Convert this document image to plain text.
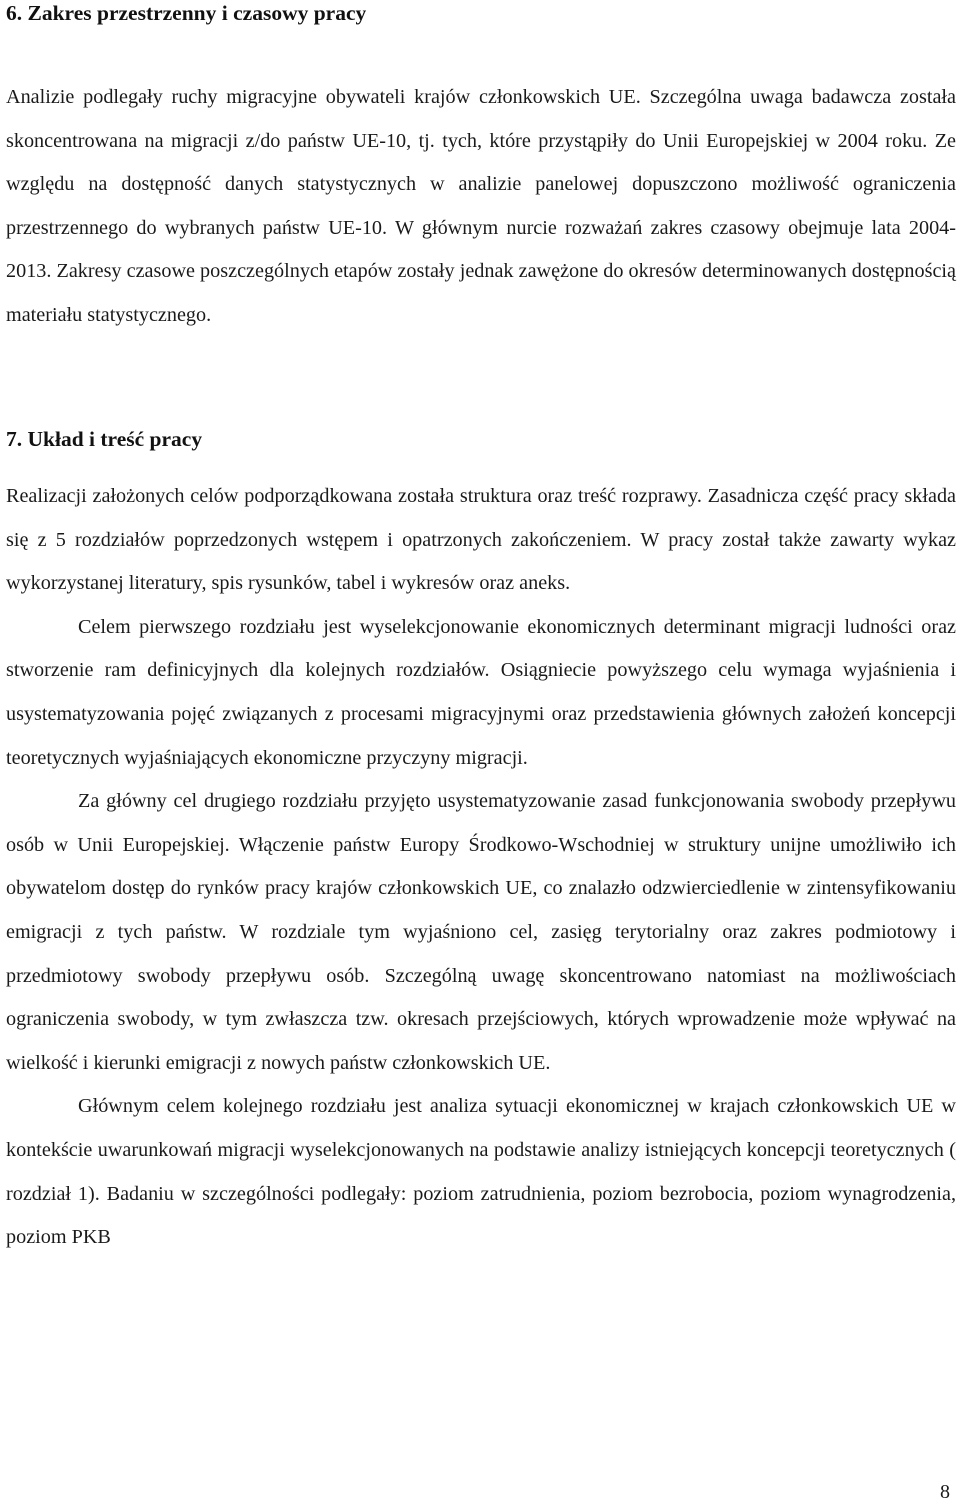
6. Zakres przestrzenny i czasowy pracy

Analizie podlegały ruchy migracyjne obywateli krajów członkowskich UE. Szczególna uwaga badawcza została skoncentrowana na migracji z/do państw UE-10, tj. tych, które przystąpiły do Unii Europejskiej w 2004 roku. Ze względu na dostępność danych statystycznych w analizie panelowej dopuszczono możliwość ograniczenia przestrzennego do wybranych państw UE-10. W głównym nurcie rozważań zakres czasowy obejmuje lata 2004-2013. Zakresy czasowe poszczególnych etapów zostały jednak zawężone do okresów determinowanych dostępnością materiału statystycznego.

7. Układ i treść pracy

Realizacji założonych celów podporządkowana została struktura oraz treść rozprawy. Zasadnicza część pracy składa się z 5 rozdziałów poprzedzonych wstępem i opatrzonych zakończeniem. W pracy został także zawarty wykaz wykorzystanej literatury, spis rysunków, tabel i wykresów oraz aneks.

Celem pierwszego rozdziału jest wyselekcjonowanie ekonomicznych determinant migracji ludności oraz stworzenie ram definicyjnych dla kolejnych rozdziałów. Osiągniecie powyższego celu wymaga wyjaśnienia i usystematyzowania pojęć związanych z procesami migracyjnymi oraz przedstawienia głównych założeń koncepcji teoretycznych wyjaśniających ekonomiczne przyczyny migracji.

Za główny cel drugiego rozdziału przyjęto usystematyzowanie zasad funkcjonowania swobody przepływu osób w Unii Europejskiej. Włączenie państw Europy Środkowo-Wschodniej w struktury unijne umożliwiło ich obywatelom dostęp do rynków pracy krajów członkowskich UE, co znalazło odzwierciedlenie w zintensyfikowaniu emigracji z tych państw. W rozdziale tym wyjaśniono cel, zasięg terytorialny oraz zakres podmiotowy i przedmiotowy swobody przepływu osób. Szczególną uwagę skoncentrowano natomiast na możliwościach ograniczenia swobody, w tym zwłaszcza tzw. okresach przejściowych, których wprowadzenie może wpływać na wielkość i kierunki emigracji z nowych państw członkowskich UE.

Głównym celem kolejnego rozdziału jest analiza sytuacji ekonomicznej w krajach członkowskich UE w kontekście uwarunkowań migracji wyselekcjonowanych na podstawie analizy istniejących koncepcji teoretycznych ( rozdział 1). Badaniu w szczególności podlegały: poziom zatrudnienia, poziom bezrobocia, poziom wynagrodzenia, poziom PKB

8
